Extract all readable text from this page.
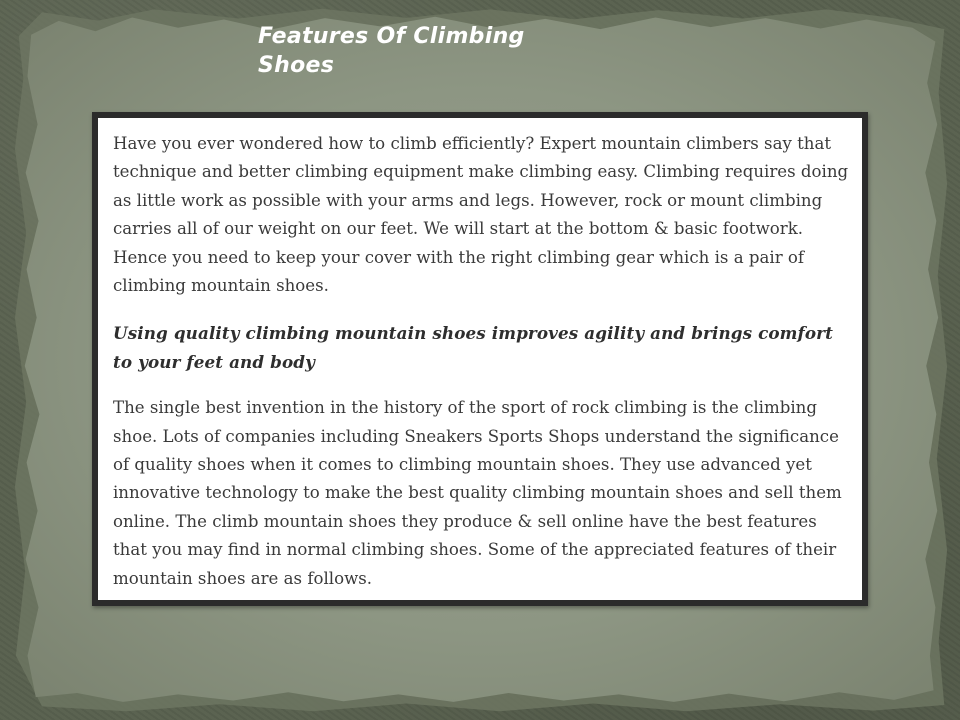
Features Of Climbing Shoes

Have you ever wondered how to climb efficiently? Expert mountain climbers say that technique and better climbing equipment make climbing easy. Climbing requires doing as little work as possible with your arms and legs. However, rock or mount climbing carries all of our weight on our feet. We will start at the bottom & basic footwork. Hence you need to keep your cover with the right climbing gear which is a pair of climbing mountain shoes.

Using quality climbing mountain shoes improves agility and brings comfort to your feet and body

The single best invention in the history of the sport of rock climbing is the climbing shoe. Lots of companies including Sneakers Sports Shops understand the significance of quality shoes when it comes to climbing mountain shoes. They use advanced yet innovative technology to make the best quality climbing mountain shoes and sell them online. The climb mountain shoes they produce & sell online have the best features that you may find in normal climbing shoes. Some of the appreciated features of their mountain shoes are as follows.
